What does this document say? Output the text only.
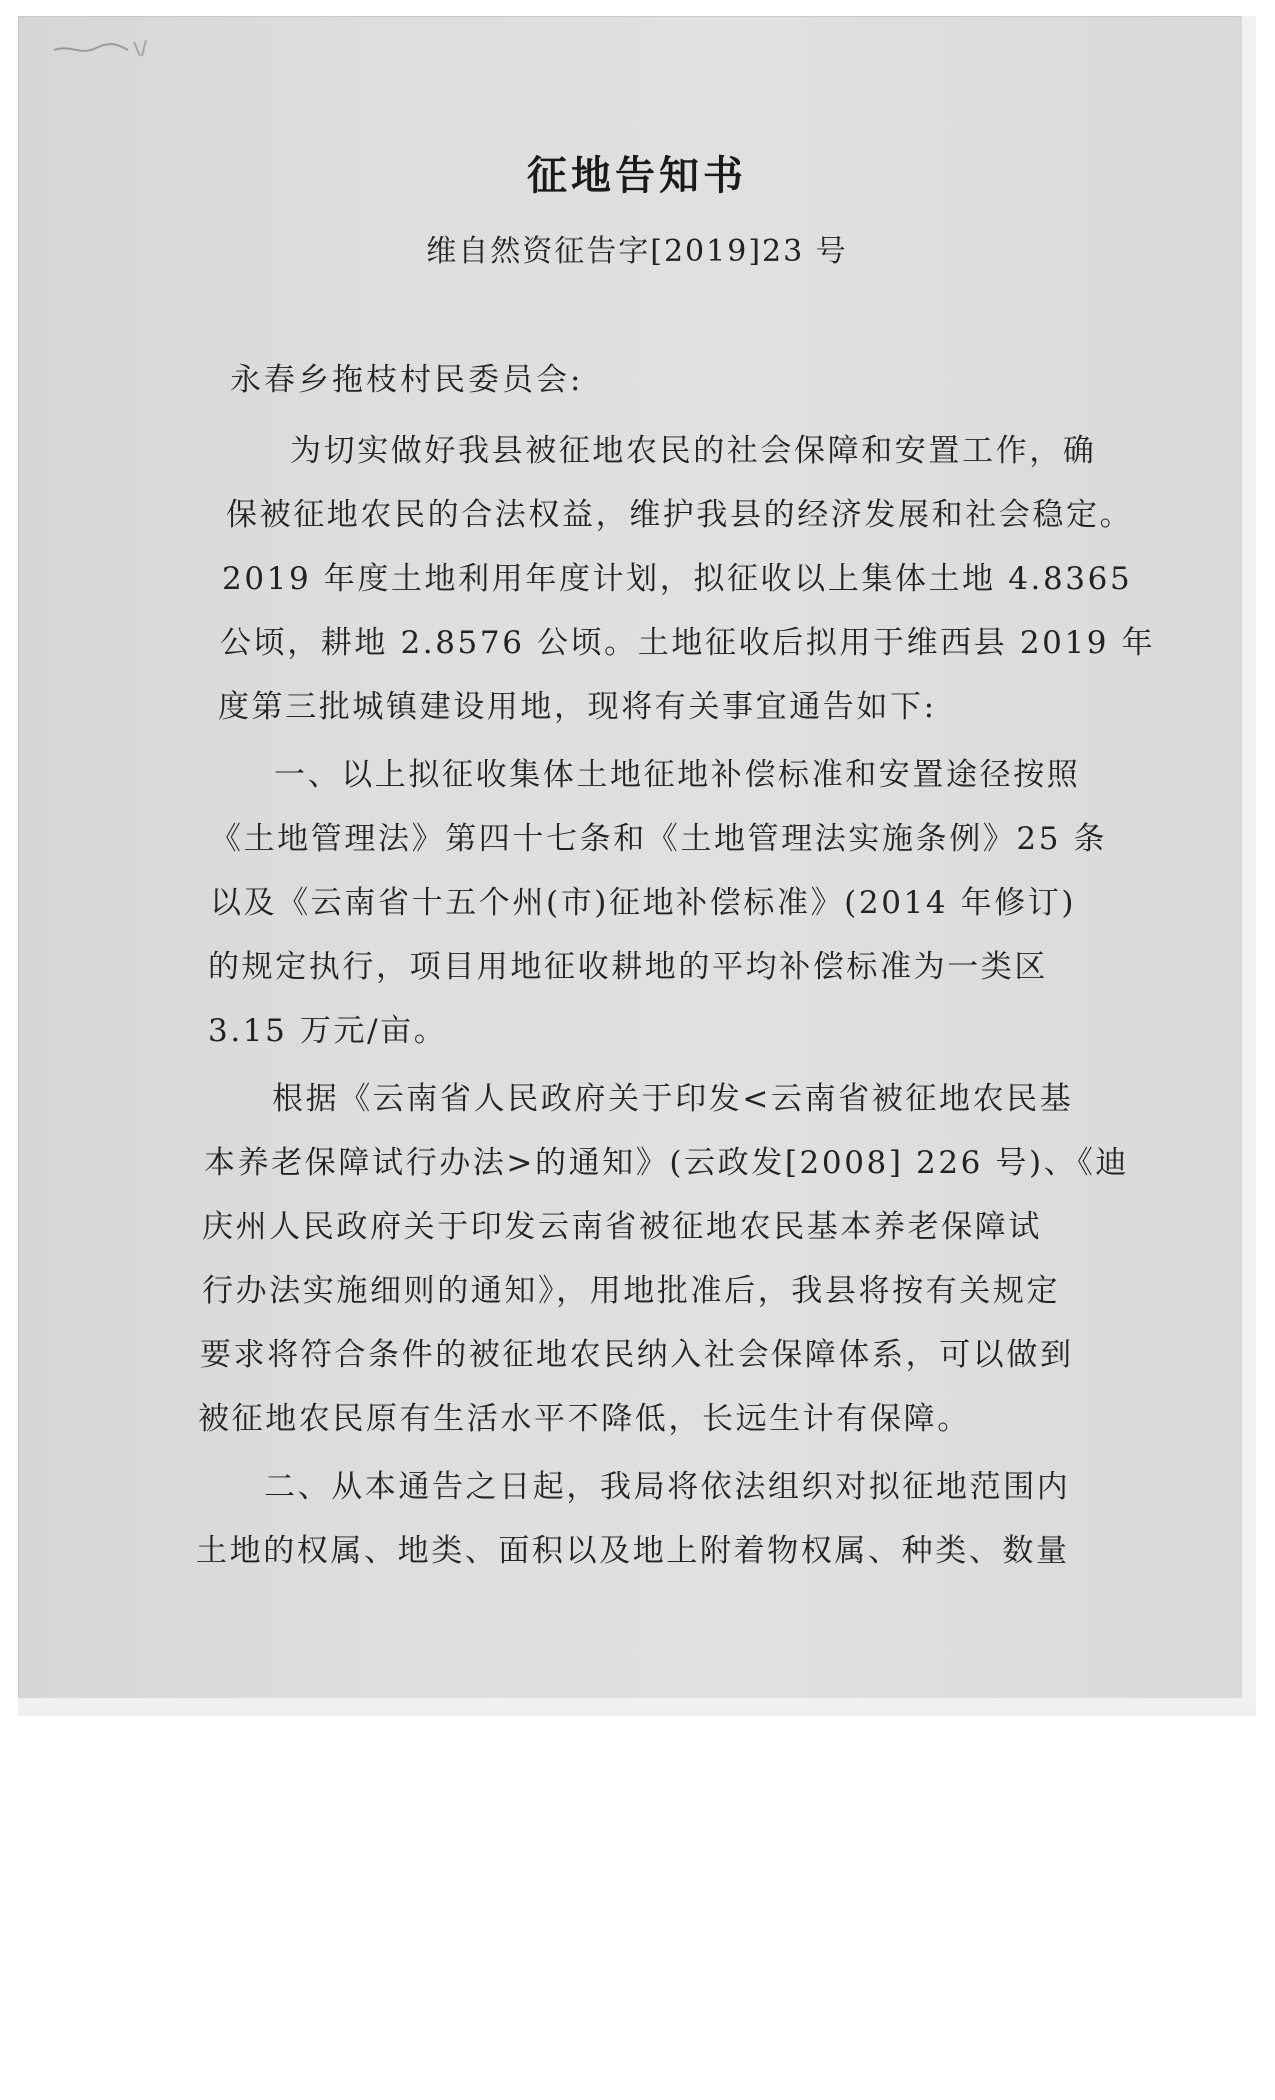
征地告知书
维自然资征告字[2019]23 号
永春乡拖枝村民委员会:
为切实做好我县被征地农民的社会保障和安置工作，确
保被征地农民的合法权益，维护我县的经济发展和社会稳定。
2019 年度土地利用年度计划，拟征收以上集体土地 4.8365
公顷，耕地 2.8576 公顷。土地征收后拟用于维西县 2019 年
度第三批城镇建设用地，现将有关事宜通告如下:
一、以上拟征收集体土地征地补偿标准和安置途径按照
《土地管理法》第四十七条和《土地管理法实施条例》25 条
以及《云南省十五个州(市)征地补偿标准》(2014 年修订)
的规定执行，项目用地征收耕地的平均补偿标准为一类区
3.15 万元/亩。
根据《云南省人民政府关于印发<云南省被征地农民基
本养老保障试行办法>的通知》(云政发[2008] 226 号)、《迪
庆州人民政府关于印发云南省被征地农民基本养老保障试
行办法实施细则的通知》，用地批准后，我县将按有关规定
要求将符合条件的被征地农民纳入社会保障体系，可以做到
被征地农民原有生活水平不降低，长远生计有保障。
二、从本通告之日起，我局将依法组织对拟征地范围内
土地的权属、地类、面积以及地上附着物权属、种类、数量
